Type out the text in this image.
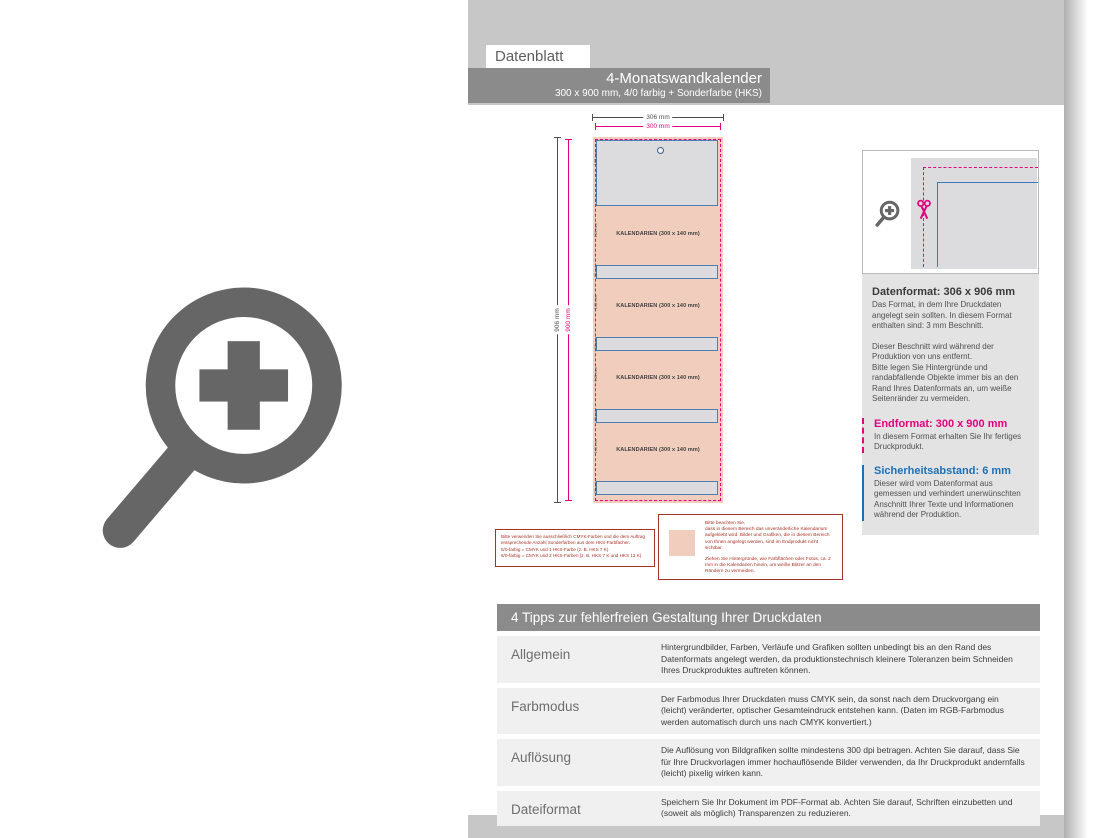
Datenblatt
4-Monatswandkalender
300 x 900 mm, 4/0 farbig + Sonderfarbe (HKS)
306 mm
300 mm
906 mm 900 mm
167 mm
KALENDARIEN (300 x 140 mm)
140 mm
33 mm
KALENDARIEN (300 x 140 mm)
140 mm
33 mm
KALENDARIEN (300 x 140 mm)
140 mm
33 mm
KALENDARIEN (300 x 140 mm)
140 mm
33 mm
Bitte verwenden Sie ausschließlich CMYK-Farben und die dem Auftrag
entsprechende Anzahl Sonderfarben aus dem HKS-Farbfächer.
5/0-farbig = CMYK und 1 HKS-Farbe (z. B. HKS 7 K)
6/0-farbig = CMYK und 2 HKS-Farben (z. B. HKS 7 K und HKS 13 K)
Bitte beachten Sie,
dass in diesem Bereich das unveränderliche Kalendarium aufgeklebt wird. Bilder und Grafiken, die in diesem Bereich von Ihnen angelegt werden, sind im Endprodukt nicht sichtbar.
Ziehen Sie Hintergründe, wie Farbflächen oder Fotos, ca. 2 mm in die Kalendarien hinein, um weiße Blitzer an den Rändern zu vermeiden.
Datenformat: 306 x 906 mm

Das Format, in dem Ihre Druckdaten angelegt sein sollten. In diesem Format enthalten sind: 3 mm Beschnitt.

Dieser Beschnitt wird während der Produktion von uns entfernt.

Bitte legen Sie Hintergründe und randabfallende Objekte immer bis an den Rand Ihres Datenformats an, um weiße Seitenränder zu vermeiden.

Endformat: 300 x 900 mm

In diesem Format erhalten Sie Ihr fertiges Druckprodukt.

Sicherheitsabstand: 6 mm

Dieser wird vom Datenformat aus gemessen und verhindert unerwünschten Anschnitt Ihrer Texte und Informationen während der Produktion.

4 Tipps zur fehlerfreien Gestaltung Ihrer Druckdaten
Allgemein	Hintergrundbilder, Farben, Verläufe und Grafiken sollten unbedingt bis an den Rand des Datenformats angelegt werden, da produktionstechnisch kleinere Toleranzen beim Schneiden Ihres Druckproduktes auftreten können.
Farbmodus	Der Farbmodus Ihrer Druckdaten muss CMYK sein, da sonst nach dem Druckvorgang ein (leicht) veränderter, optischer Gesamteindruck entstehen kann. (Daten im RGB-Farbmodus werden automatisch durch uns nach CMYK konvertiert.)
Auflösung	Die Auflösung von Bildgrafiken sollte mindestens 300 dpi betragen. Achten Sie darauf, dass Sie für Ihre Druckvorlagen immer hochauflösende Bilder verwenden, da Ihr Druckprodukt andernfalls (leicht) pixelig wirken kann.
Dateiformat	Speichern Sie Ihr Dokument im PDF-Format ab. Achten Sie darauf, Schriften einzubetten und (soweit als möglich) Transparenzen zu reduzieren.
